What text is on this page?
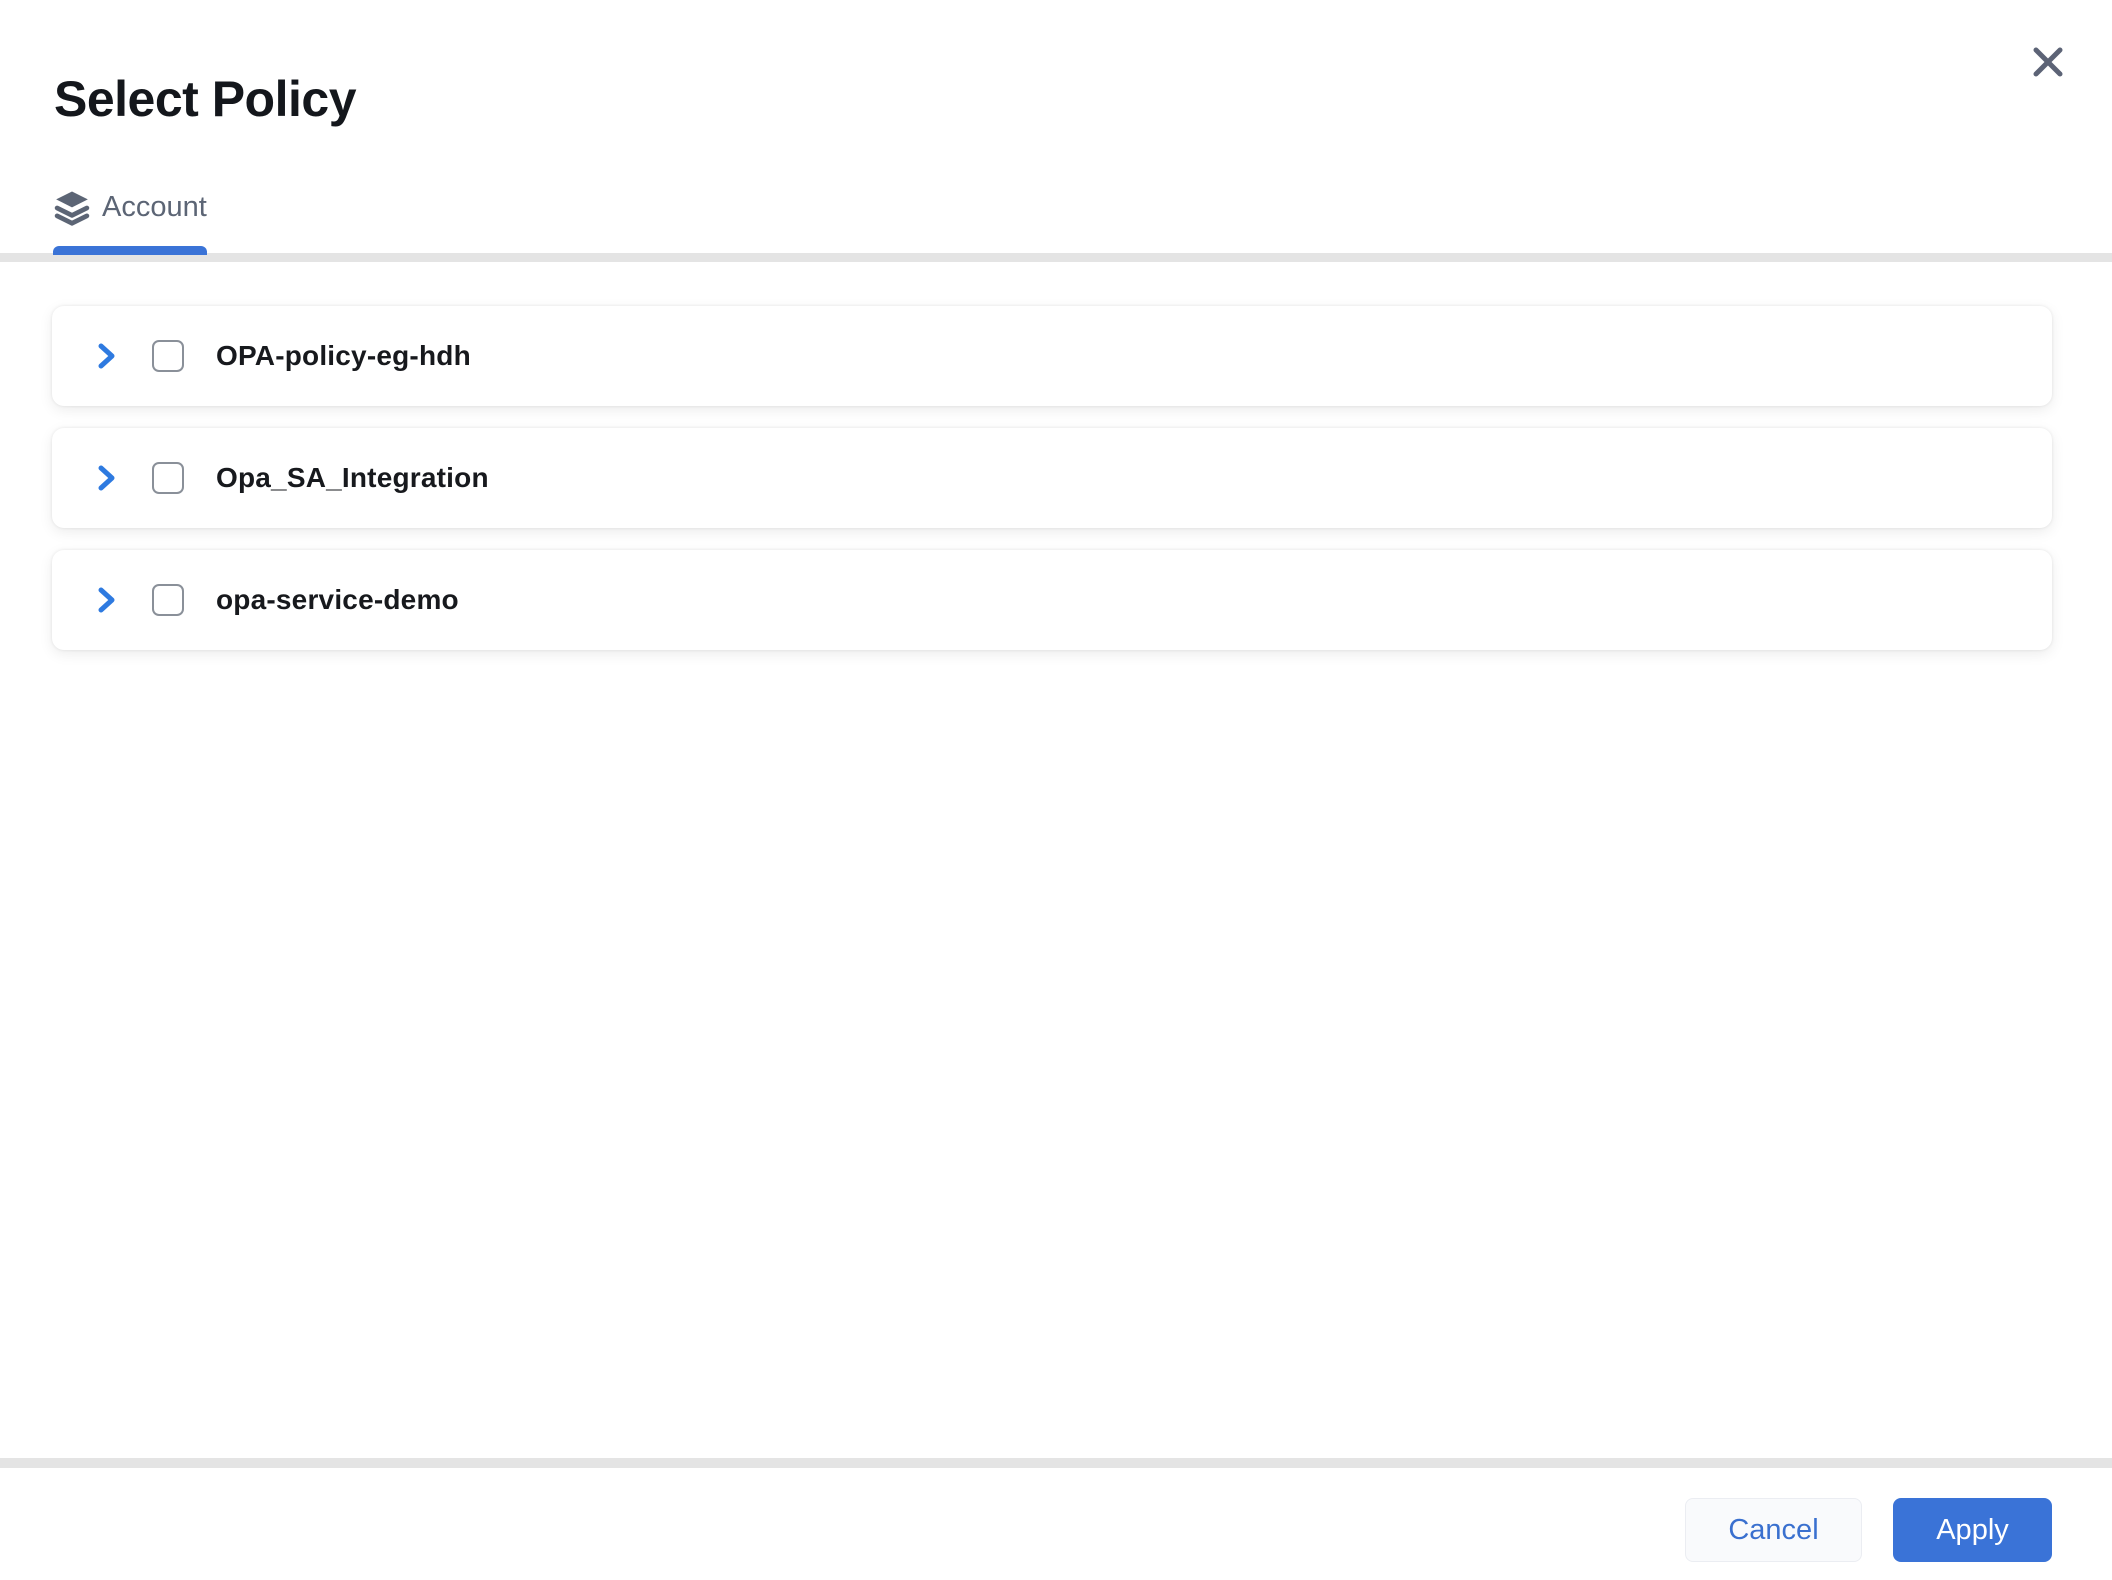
Select Policy
Account
OPA-policy-eg-hdh
Opa_SA_Integration
opa-service-demo
Cancel	Apply
